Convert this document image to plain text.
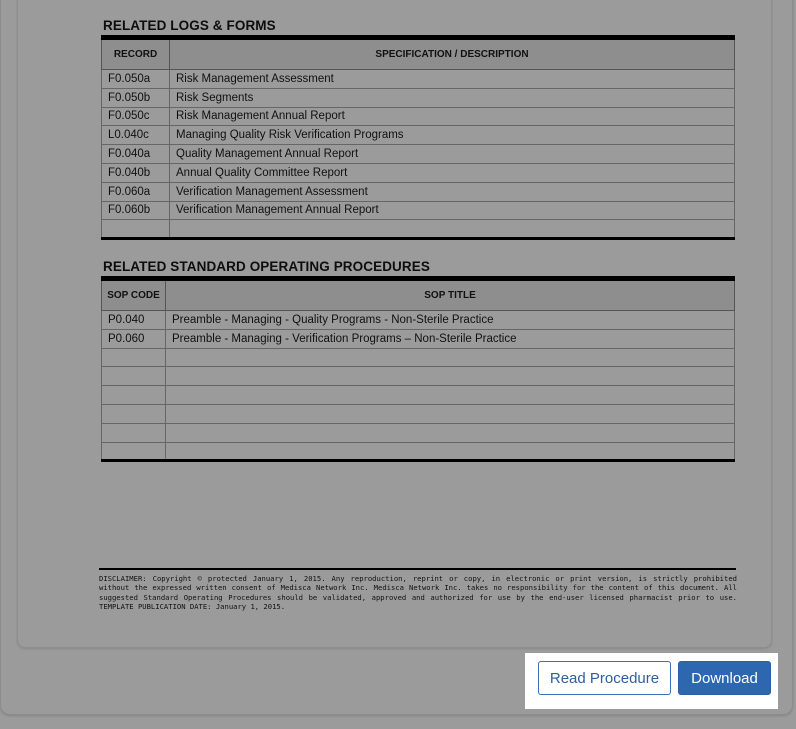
RELATED LOGS & FORMS
RECORD	SPECIFICATION / DESCRIPTION
F0.050a	Risk Management Assessment
F0.050b	Risk Segments
F0.050c	Risk Management Annual Report
L0.040c	Managing Quality Risk Verification Programs
F0.040a	Quality Management Annual Report
F0.040b	Annual Quality Committee Report
F0.060a	Verification Management Assessment
F0.060b	Verification Management Annual Report

RELATED STANDARD OPERATING PROCEDURES
SOP CODE	SOP TITLE
P0.040	Preamble - Managing - Quality Programs - Non-Sterile Practice
P0.060	Preamble - Managing - Verification Programs – Non-Sterile Practice

DISCLAIMER: Copyright © protected January 1, 2015. Any reproduction, reprint or copy, in electronic or print version, is strictly prohibited without the expressed written consent of Medisca Network Inc. Medisca Network Inc. takes no responsibility for the content of this document. All suggested Standard Operating Procedures should be validated, approved and authorized for use by the end-user licensed pharmacist prior to use. TEMPLATE PUBLICATION DATE: January 1, 2015.
Read Procedure	Download
